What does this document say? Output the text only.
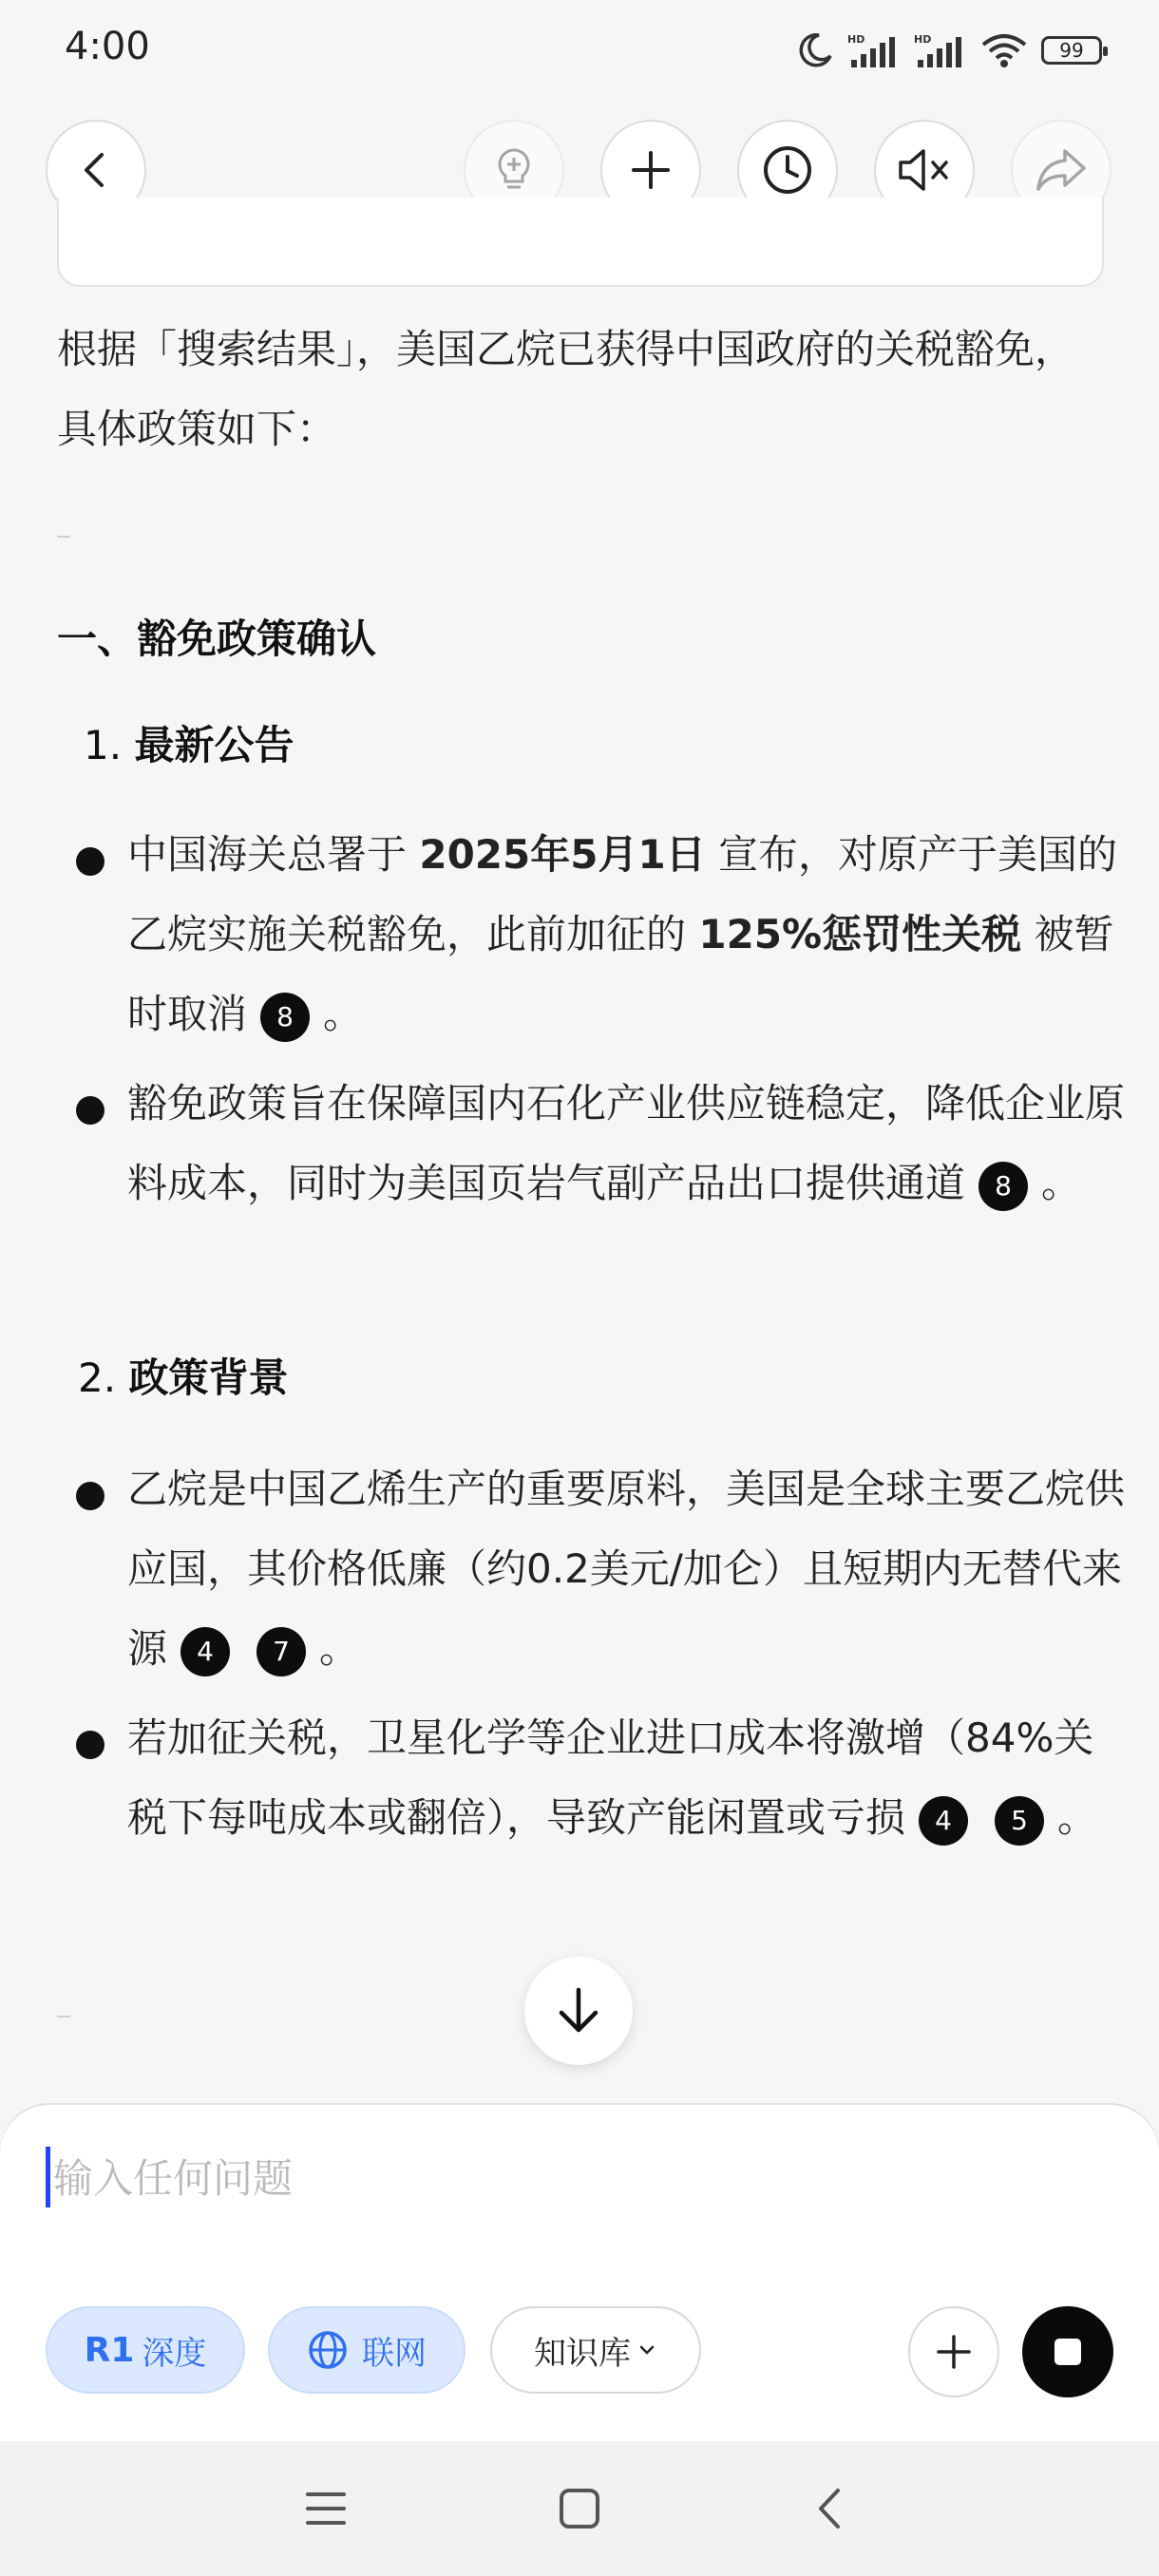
4:00	HD	HD	99
根据「搜索结果」，美国乙烷已获得中国政府的关税豁免，具体政策如下：
一、豁免政策确认
1. 最新公告
中国海关总署于 2025年5月1日 宣布，对原产于美国的乙烷实施关税豁免，此前加征的 125%惩罚性关税 被暂时取消 8 。
豁免政策旨在保障国内石化产业供应链稳定，降低企业原料成本，同时为美国页岩气副产品出口提供通道 8 。
2. 政策背景
乙烷是中国乙烯生产的重要原料，美国是全球主要乙烷供应国，其价格低廉（约0.2美元/加仑）且短期内无替代来源 4 7 。
若加征关税，卫星化学等企业进口成本将激增（84%关税下每吨成本或翻倍），导致产能闲置或亏损 4 5 。
输入任何问题
R1 深度	联网	知识库
